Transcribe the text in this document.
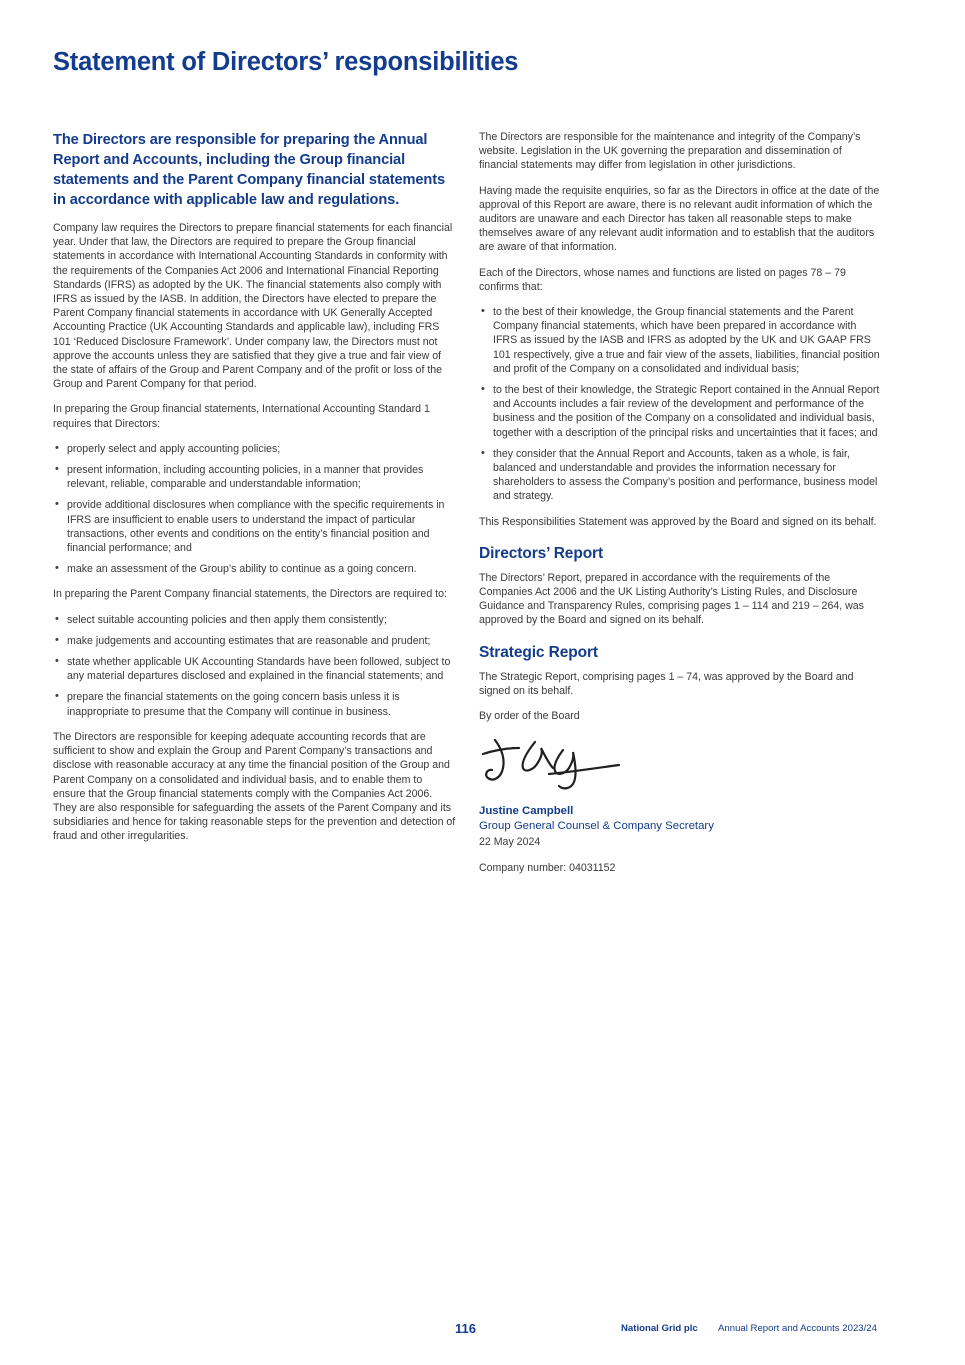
Statement of Directors’ responsibilities

The Directors are responsible for preparing the Annual Report and Accounts, including the Group financial statements and the Parent Company financial statements in accordance with applicable law and regulations.

Company law requires the Directors to prepare financial statements for each financial year. Under that law, the Directors are required to prepare the Group financial statements in accordance with International Accounting Standards in conformity with the requirements of the Companies Act 2006 and International Financial Reporting Standards (IFRS) as adopted by the UK. The financial statements also comply with IFRS as issued by the IASB. In addition, the Directors have elected to prepare the Parent Company financial statements in accordance with UK Generally Accepted Accounting Practice (UK Accounting Standards and applicable law), including FRS 101 ‘Reduced Disclosure Framework’. Under company law, the Directors must not approve the accounts unless they are satisfied that they give a true and fair view of the state of affairs of the Group and Parent Company and of the profit or loss of the Group and Parent Company for that period.

In preparing the Group financial statements, International Accounting Standard 1 requires that Directors:

• properly select and apply accounting policies;
• present information, including accounting policies, in a manner that provides relevant, reliable, comparable and understandable information;
• provide additional disclosures when compliance with the specific requirements in IFRS are insufficient to enable users to understand the impact of particular transactions, other events and conditions on the entity’s financial position and financial performance; and
• make an assessment of the Group’s ability to continue as a going concern.

In preparing the Parent Company financial statements, the Directors are required to:

• select suitable accounting policies and then apply them consistently;
• make judgements and accounting estimates that are reasonable and prudent;
• state whether applicable UK Accounting Standards have been followed, subject to any material departures disclosed and explained in the financial statements; and
• prepare the financial statements on the going concern basis unless it is inappropriate to presume that the Company will continue in business.

The Directors are responsible for keeping adequate accounting records that are sufficient to show and explain the Group and Parent Company’s transactions and disclose with reasonable accuracy at any time the financial position of the Group and Parent Company on a consolidated and individual basis, and to enable them to ensure that the Group financial statements comply with the Companies Act 2006. They are also responsible for safeguarding the assets of the Parent Company and its subsidiaries and hence for taking reasonable steps for the prevention and detection of fraud and other irregularities.

The Directors are responsible for the maintenance and integrity of the Company’s website. Legislation in the UK governing the preparation and dissemination of financial statements may differ from legislation in other jurisdictions.

Having made the requisite enquiries, so far as the Directors in office at the date of the approval of this Report are aware, there is no relevant audit information of which the auditors are unaware and each Director has taken all reasonable steps to make themselves aware of any relevant audit information and to establish that the auditors are aware of that information.

Each of the Directors, whose names and functions are listed on pages 78 – 79 confirms that:

• to the best of their knowledge, the Group financial statements and the Parent Company financial statements, which have been prepared in accordance with IFRS as issued by the IASB and IFRS as adopted by the UK and UK GAAP FRS 101 respectively, give a true and fair view of the assets, liabilities, financial position and profit of the Company on a consolidated and individual basis;
• to the best of their knowledge, the Strategic Report contained in the Annual Report and Accounts includes a fair review of the development and performance of the business and the position of the Company on a consolidated and individual basis, together with a description of the principal risks and uncertainties that it faces; and
• they consider that the Annual Report and Accounts, taken as a whole, is fair, balanced and understandable and provides the information necessary for shareholders to assess the Company’s position and performance, business model and strategy.

This Responsibilities Statement was approved by the Board and signed on its behalf.

Directors’ Report

The Directors’ Report, prepared in accordance with the requirements of the Companies Act 2006 and the UK Listing Authority’s Listing Rules, and Disclosure Guidance and Transparency Rules, comprising pages 1 – 114 and 219 – 264, was approved by the Board and signed on its behalf.

Strategic Report

The Strategic Report, comprising pages 1 – 74, was approved by the Board and signed on its behalf.

By order of the Board

Justine Campbell
Group General Counsel & Company Secretary
22 May 2024
Company number: 04031152
116	National Grid plc Annual Report and Accounts 2023/24
